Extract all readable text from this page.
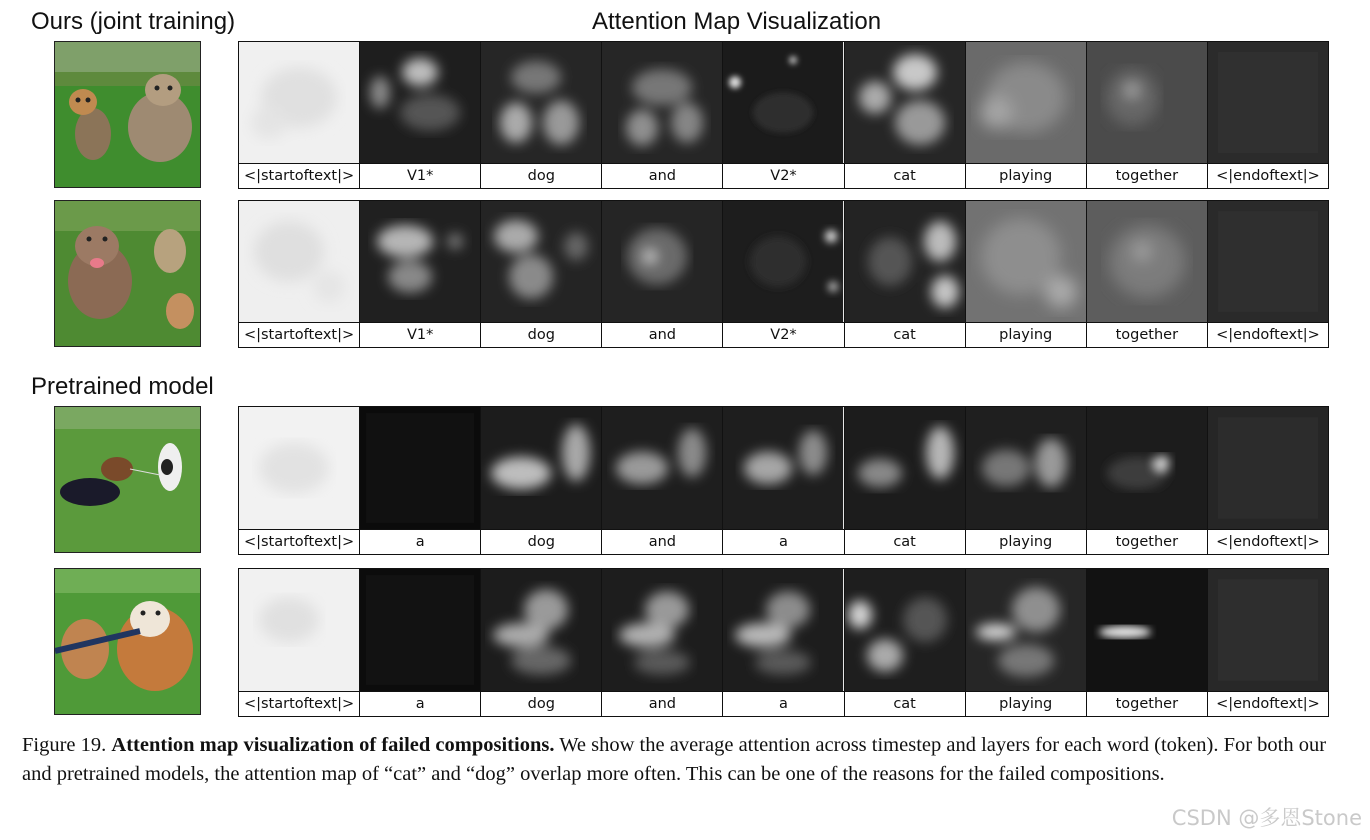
Ours (joint training)	Attention Map Visualization
Pretrained model
<|startoftext|>	V1*	dog	and	V2*	cat	playing	together	<|endoftext|>
<|startoftext|>	V1*	dog	and	V2*	cat	playing	together	<|endoftext|>
<|startoftext|>	a	dog	and	a	cat	playing	together	<|endoftext|>
<|startoftext|>	a	dog	and	a	cat	playing	together	<|endoftext|>
Figure 19. Attention map visualization of failed compositions. We show the average attention across timestep and layers for each word (token). For both our and pretrained models, the attention map of “cat” and “dog” overlap more often. This can be one of the reasons for the failed compositions.
CSDN @多恩Stone
